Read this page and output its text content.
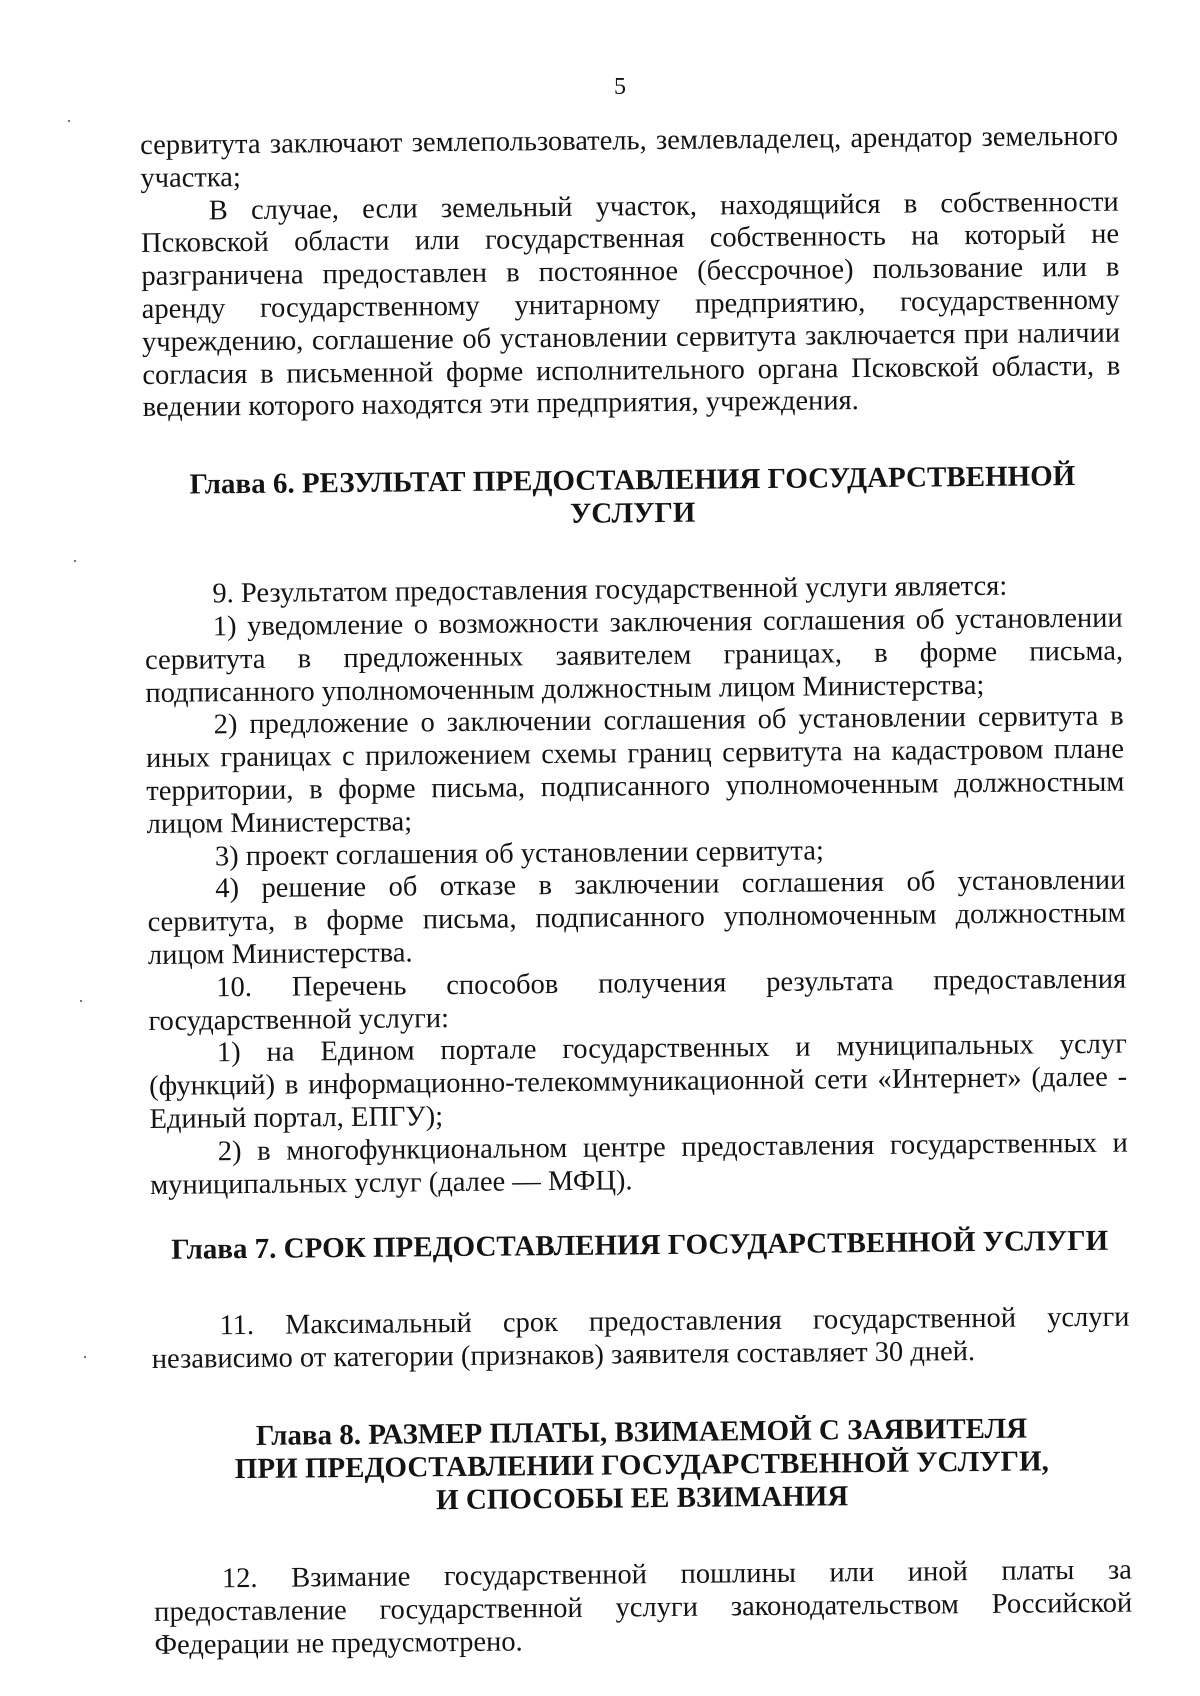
5

сервитута заключают землепользователь, землевладелец, арендатор земельного участка;

В случае, если земельный участок, находящийся в собственности Псковской области или государственная собственность на который не разграничена предоставлен в постоянное (бессрочное) пользование или в аренду государственному унитарному предприятию, государственному учреждению, соглашение об установлении сервитута заключается при наличии согласия в письменной форме исполнительного органа Псковской области, в ведении которого находятся эти предприятия, учреждения.

Глава 6. РЕЗУЛЬТАТ ПРЕДОСТАВЛЕНИЯ ГОСУДАРСТВЕННОЙ
УСЛУГИ

9. Результатом предоставления государственной услуги является:

1) уведомление о возможности заключения соглашения об установлении сервитута в предложенных заявителем границах, в форме письма, подписанного уполномоченным должностным лицом Министерства;

2) предложение о заключении соглашения об установлении сервитута в иных границах с приложением схемы границ сервитута на кадастровом плане территории, в форме письма, подписанного уполномоченным должностным лицом Министерства;

3) проект соглашения об установлении сервитута;

4) решение об отказе в заключении соглашения об установлении сервитута, в форме письма, подписанного уполномоченным должностным лицом Министерства.

10. Перечень способов получения результата предоставления государственной услуги:

1) на Едином портале государственных и муниципальных услуг (функций) в информационно-телекоммуникационной сети «Интернет» (далее - Единый портал, ЕПГУ);

2) в многофункциональном центре предоставления государственных и муниципальных услуг (далее — МФЦ).

Глава 7. СРОК ПРЕДОСТАВЛЕНИЯ ГОСУДАРСТВЕННОЙ УСЛУГИ

11. Максимальный срок предоставления государственной услуги независимо от категории (признаков) заявителя составляет 30 дней.

Глава 8. РАЗМЕР ПЛАТЫ, ВЗИМАЕМОЙ С ЗАЯВИТЕЛЯ
ПРИ ПРЕДОСТАВЛЕНИИ ГОСУДАРСТВЕННОЙ УСЛУГИ,
И СПОСОБЫ ЕЕ ВЗИМАНИЯ

12. Взимание государственной пошлины или иной платы за предоставление государственной услуги законодательством Российской Федерации не предусмотрено.
